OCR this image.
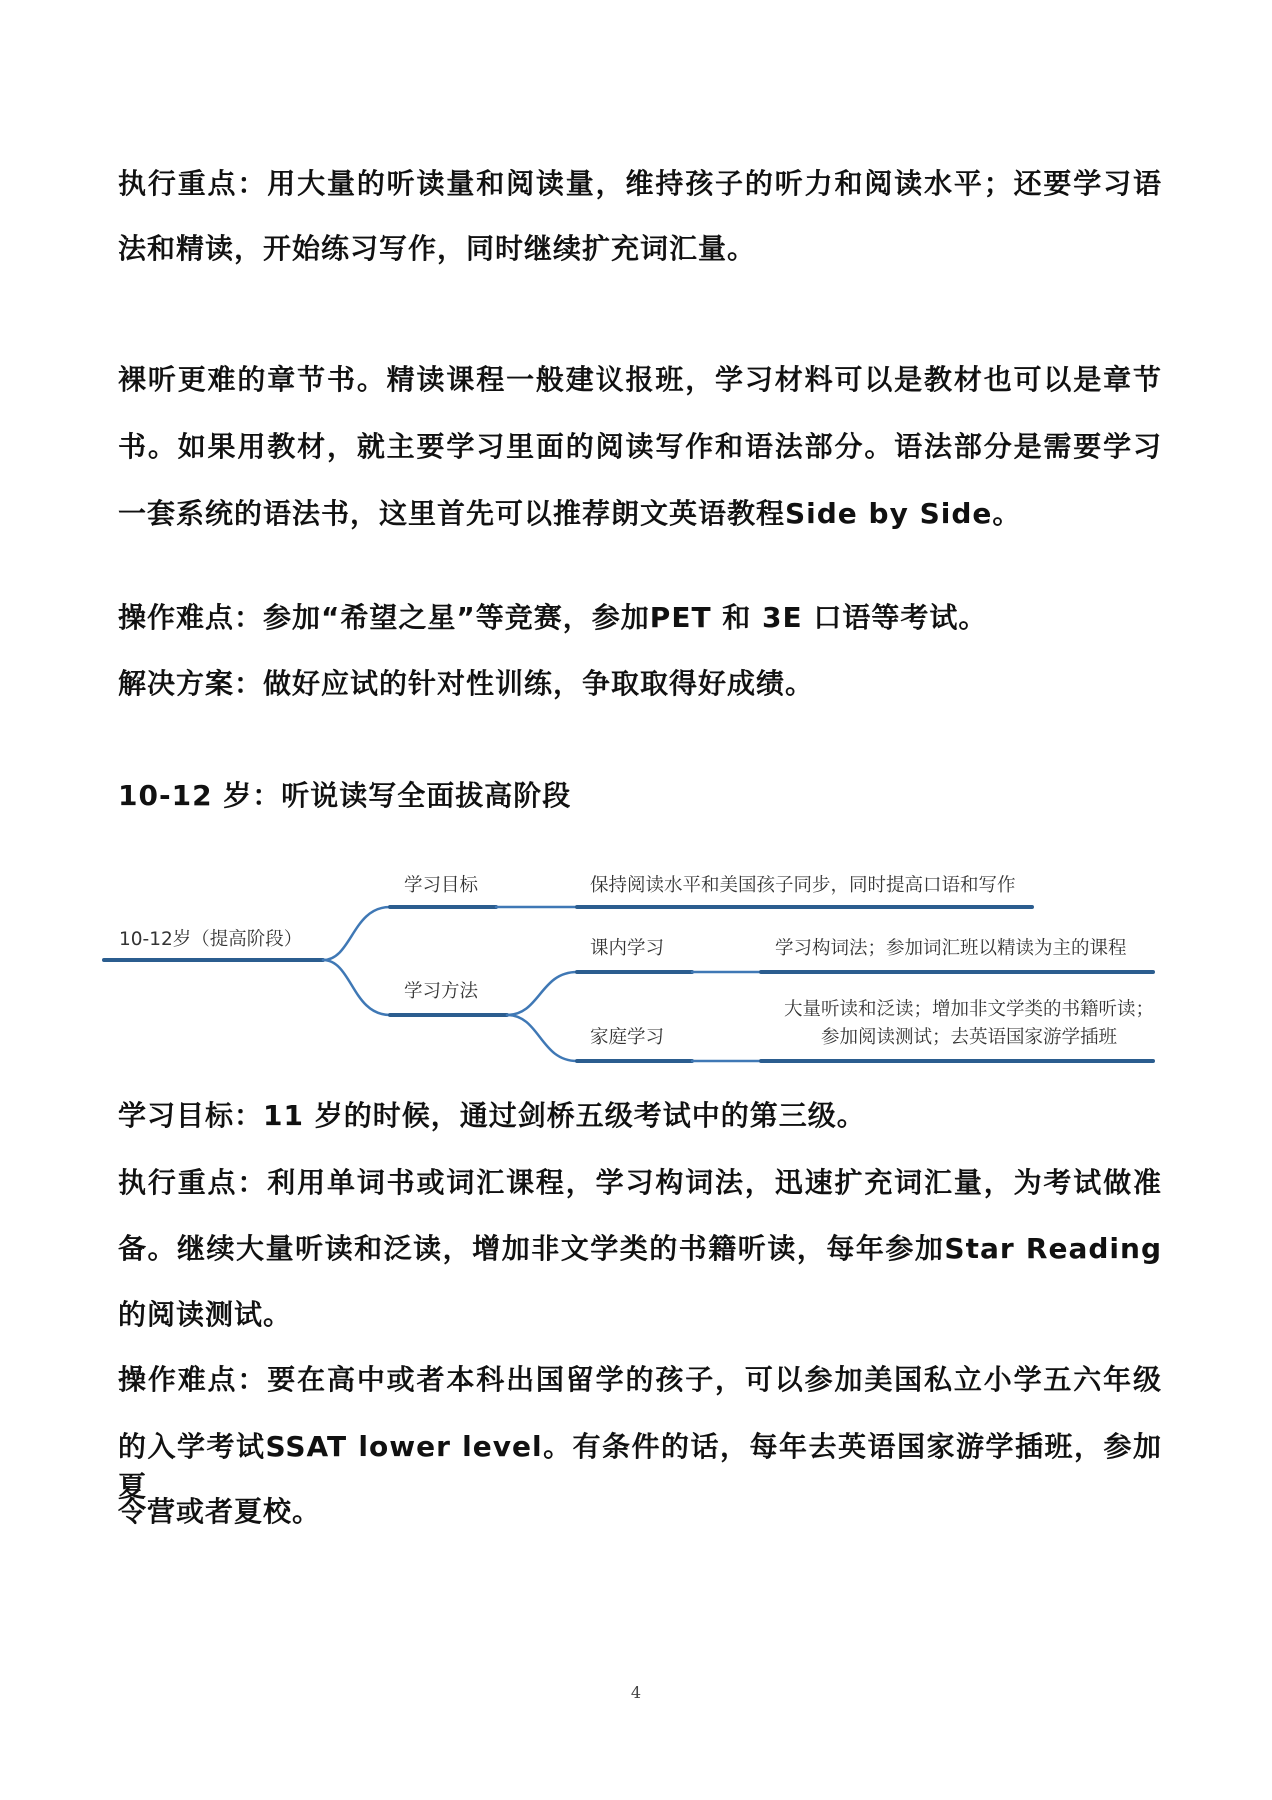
执行重点：用大量的听读量和阅读量，维持孩子的听力和阅读水平；还要学习语
法和精读，开始练习写作，同时继续扩充词汇量。
裸听更难的章节书。精读课程一般建议报班，学习材料可以是教材也可以是章节
书。如果用教材，就主要学习里面的阅读写作和语法部分。语法部分是需要学习
一套系统的语法书，这里首先可以推荐朗文英语教程Side by Side。
操作难点：参加“希望之星”等竞赛，参加PET 和 3E 口语等考试。
解决方案：做好应试的针对性训练，争取取得好成绩。
10-12 岁：听说读写全面拔高阶段
10-12岁（提高阶段）
学习目标	保持阅读水平和美国孩子同步，同时提高口语和写作
学习方法
课内学习	学习构词法；参加词汇班以精读为主的课程
家庭学习
大量听读和泛读；增加非文学类的书籍听读；
参加阅读测试；去英语国家游学插班
学习目标：11 岁的时候，通过剑桥五级考试中的第三级。
执行重点：利用单词书或词汇课程，学习构词法，迅速扩充词汇量，为考试做准
备。继续大量听读和泛读，增加非文学类的书籍听读，每年参加Star Reading
的阅读测试。
操作难点：要在高中或者本科出国留学的孩子，可以参加美国私立小学五六年级
的入学考试SSAT lower level。有条件的话，每年去英语国家游学插班，参加夏
令营或者夏校。
4
